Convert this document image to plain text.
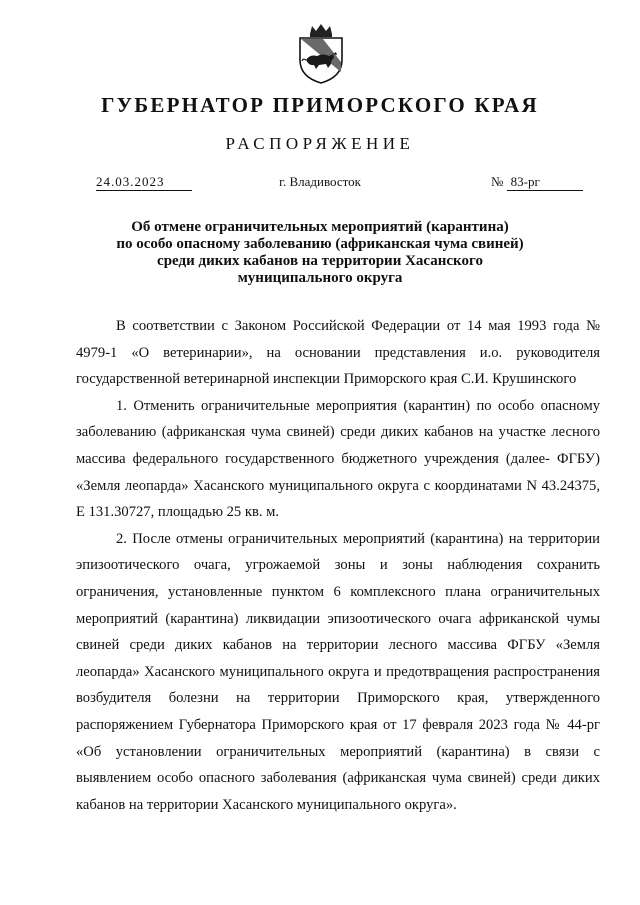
ГУБЕРНАТОР ПРИМОРСКОГО КРАЯ
РАСПОРЯЖЕНИЕ
24.03.2023	г. Владивосток	№ 83-рг
Об отмене ограничительных мероприятий (карантина)
по особо опасному заболеванию (африканская чума свиней)
среди диких кабанов на территории Хасанского
муниципального округа

В соответствии с Законом Российской Федерации от 14 мая 1993 года № 4979-1 «О ветеринарии», на основании представления и.о. руководителя государственной ветеринарной инспекции Приморского края С.И. Крушинского

1. Отменить ограничительные мероприятия (карантин) по особо опасному заболеванию (африканская чума свиней) среди диких кабанов на участке лесного массива федерального государственного бюджетного учреждения (далее- ФГБУ) «Земля леопарда» Хасанского муниципального округа с координатами N 43.24375, E 131.30727, площадью 25 кв. м.

2. После отмены ограничительных мероприятий (карантина) на территории эпизоотического очага, угрожаемой зоны и зоны наблюдения сохранить ограничения, установленные пунктом 6 комплексного плана ограничительных мероприятий (карантина) ликвидации эпизоотического очага африканской чумы свиней среди диких кабанов на территории лесного массива ФГБУ «Земля леопарда» Хасанского муниципального округа и предотвращения распространения возбудителя болезни на территории Приморского края, утвержденного распоряжением Губернатора Приморского края от 17 февраля 2023 года № 44-рг «Об установлении ограничительных мероприятий (карантина) в связи с выявлением особо опасного заболевания (африканская чума свиней) среди диких кабанов на территории Хасанского муниципального округа».
